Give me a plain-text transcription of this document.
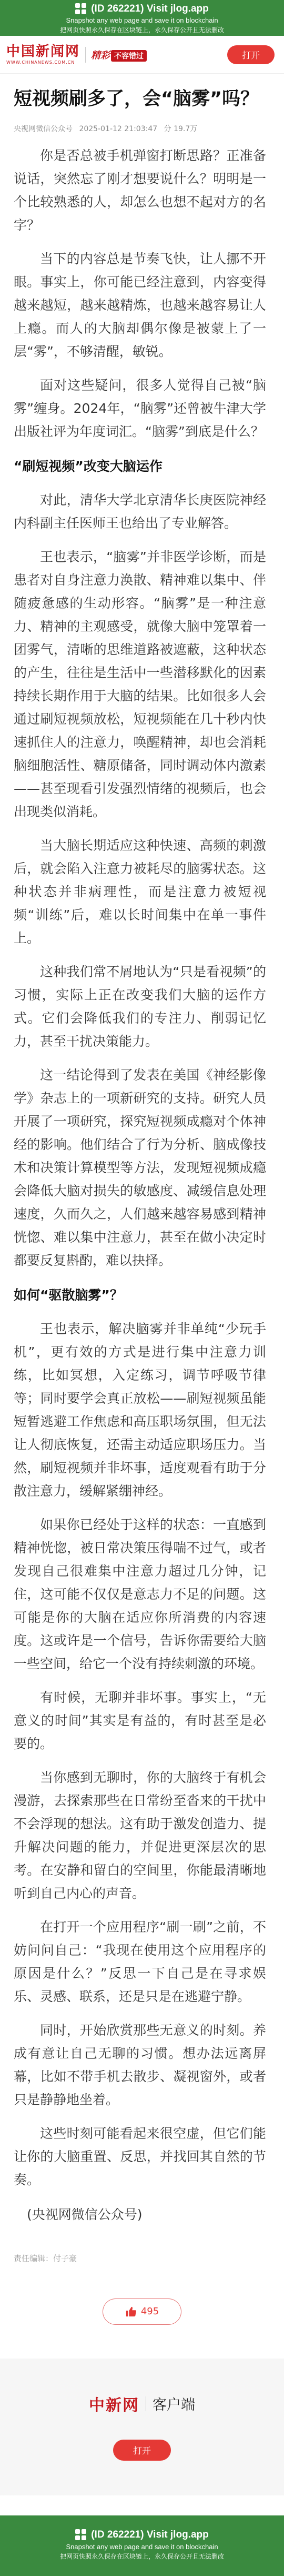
(ID 262221) Visit jlog.app
Snapshot any web page and save it on blockchain
把网页快照永久保存在区块链上，永久保存公开且无法删改
中国新闻网
WWW.CHINANEWS.COM.CN
精彩 不容错过	打开
短视频刷多了，会“脑雾”吗？
央视网微信公众号 2025-01-12 21:03:47 分 19.7万

你是否总被手机弹窗打断思路？正准备说话，突然忘了刚才想要说什么？明明是一个比较熟悉的人，却怎么也想不起对方的名字？

当下的内容总是节奏飞快，让人挪不开眼。事实上，你可能已经注意到，内容变得越来越短，越来越精炼，也越来越容易让人上瘾。而人的大脑却偶尔像是被蒙上了一层“雾”，不够清醒，敏锐。

面对这些疑问，很多人觉得自己被“脑雾”缠身。2024年，“脑雾”还曾被牛津大学出版社评为年度词汇。“脑雾”到底是什么？

“刷短视频”改变大脑运作

对此，清华大学北京清华长庚医院神经内科副主任医师王也给出了专业解答。

王也表示，“脑雾”并非医学诊断，而是患者对自身注意力涣散、精神难以集中、伴随疲惫感的生动形容。“脑雾”是一种注意力、精神的主观感受，就像大脑中笼罩着一团雾气，清晰的思维道路被遮蔽，这种状态的产生，往往是生活中一些潜移默化的因素持续长期作用于大脑的结果。比如很多人会通过刷短视频放松，短视频能在几十秒内快速抓住人的注意力，唤醒精神，却也会消耗脑细胞活性、糖原储备，同时调动体内激素——甚至现看引发强烈情绪的视频后，也会出现类似消耗。

当大脑长期适应这种快速、高频的刺激后，就会陷入注意力被耗尽的脑雾状态。这种状态并非病理性，而是注意力被短视频“训练”后，难以长时间集中在单一事件上。

这种我们常不屑地认为“只是看视频”的习惯，实际上正在改变我们大脑的运作方式。它们会降低我们的专注力、削弱记忆力，甚至干扰决策能力。

这一结论得到了发表在美国《神经影像学》杂志上的一项新研究的支持。研究人员开展了一项研究，探究短视频成瘾对个体神经的影响。他们结合了行为分析、脑成像技术和决策计算模型等方法，发现短视频成瘾会降低大脑对损失的敏感度、减缓信息处理速度，久而久之，人们越来越容易感到精神恍惚、难以集中注意力，甚至在做小决定时都要反复斟酌，难以抉择。

如何“驱散脑雾”？

王也表示，解决脑雾并非单纯“少玩手机”，更有效的方式是进行集中注意力训练，比如冥想，入定练习，调节呼吸节律等；同时要学会真正放松——刷短视频虽能短暂逃避工作焦虑和高压职场氛围，但无法让人彻底恢复，还需主动适应职场压力。当然，刷短视频并非坏事，适度观看有助于分散注意力，缓解紧绷神经。

如果你已经处于这样的状态：一直感到精神恍惚，被日常决策压得喘不过气，或者发现自己很难集中注意力超过几分钟，记住，这可能不仅仅是意志力不足的问题。这可能是你的大脑在适应你所消费的内容速度。这或许是一个信号，告诉你需要给大脑一些空间，给它一个没有持续刺激的环境。

有时候，无聊并非坏事。事实上，“无意义的时间”其实是有益的，有时甚至是必要的。

当你感到无聊时，你的大脑终于有机会漫游，去探索那些在日常纷至沓来的干扰中不会浮现的想法。这有助于激发创造力、提升解决问题的能力，并促进更深层次的思考。在安静和留白的空间里，你能最清晰地听到自己内心的声音。

在打开一个应用程序“刷一刷”之前，不妨问问自己：“我现在使用这个应用程序的原因是什么？”反思一下自己是在寻求娱乐、灵感、联系，还是只是在逃避宁静。

同时，开始欣赏那些无意义的时刻。养成有意让自己无聊的习惯。想办法远离屏幕，比如不带手机去散步、凝视窗外，或者只是静静地坐着。

这些时刻可能看起来很空虚，但它们能让你的大脑重置、反思，并找回其自然的节奏。

(央视网微信公众号)
责任编辑：付子豪
495
中新网 客户端
打开
(ID 262221) Visit jlog.app
Snapshot any web page and save it on blockchain
把网页快照永久保存在区块链上，永久保存公开且无法删改
